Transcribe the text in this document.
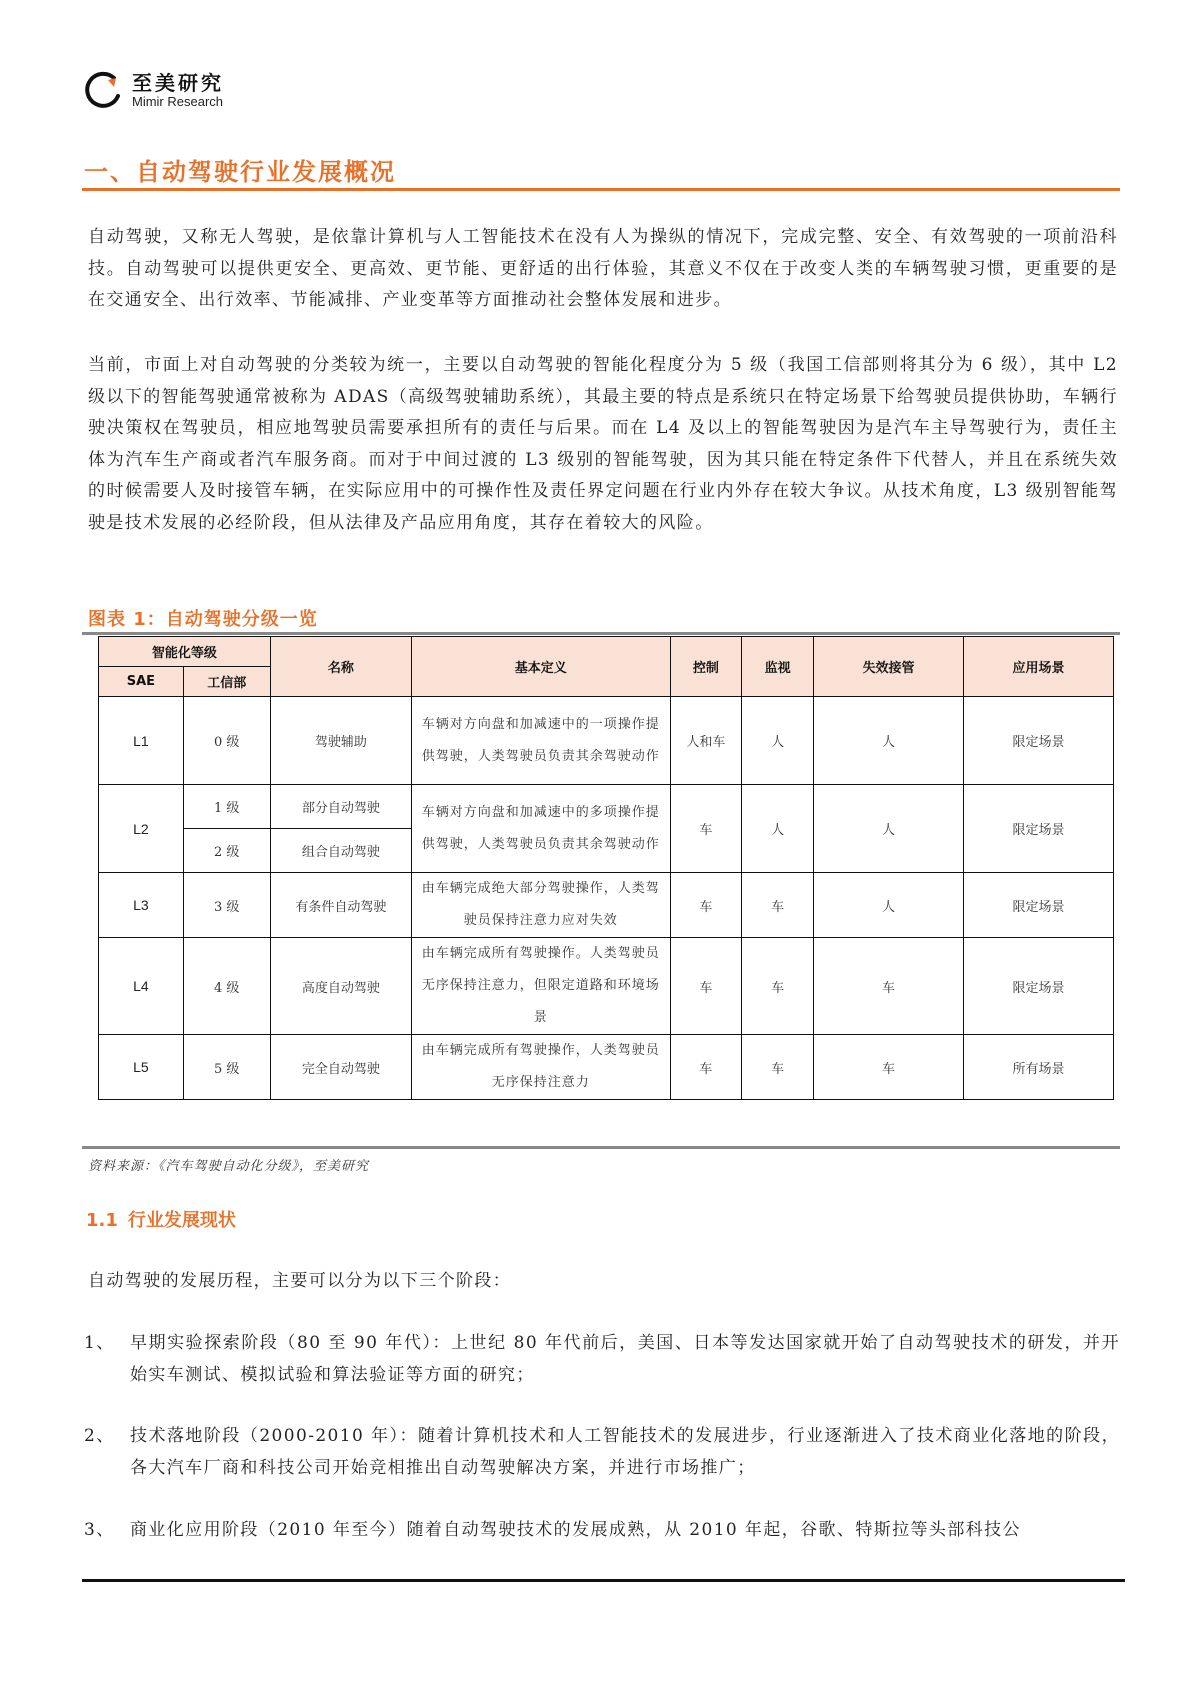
至美研究
Mimir Research
一、自动驾驶行业发展概况

自动驾驶，又称无人驾驶，是依靠计算机与人工智能技术在没有人为操纵的情况下，完成完整、安全、有效驾驶的一项前沿科技。自动驾驶可以提供更安全、更高效、更节能、更舒适的出行体验，其意义不仅在于改变人类的车辆驾驶习惯，更重要的是在交通安全、出行效率、节能减排、产业变革等方面推动社会整体发展和进步。

当前，市面上对自动驾驶的分类较为统一，主要以自动驾驶的智能化程度分为 5 级（我国工信部则将其分为 6 级），其中 L2 级以下的智能驾驶通常被称为 ADAS（高级驾驶辅助系统），其最主要的特点是系统只在特定场景下给驾驶员提供协助，车辆行驶决策权在驾驶员，相应地驾驶员需要承担所有的责任与后果。而在 L4 及以上的智能驾驶因为是汽车主导驾驶行为，责任主体为汽车生产商或者汽车服务商。而对于中间过渡的 L3 级别的智能驾驶，因为其只能在特定条件下代替人，并且在系统失效的时候需要人及时接管车辆，在实际应用中的可操作性及责任界定问题在行业内外存在较大争议。从技术角度，L3 级别智能驾驶是技术发展的必经阶段，但从法律及产品应用角度，其存在着较大的风险。

图表 1：自动驾驶分级一览
智能化等级		名称	基本定义	控制	监视	失效接管	应用场景
SAE	工信部						
L1	0 级	驾驶辅助	车辆对方向盘和加减速中的一项操作提供驾驶，人类驾驶员负责其余驾驶动作	人和车	人	人	限定场景
L2	1 级	部分自动驾驶	车辆对方向盘和加减速中的多项操作提供驾驶，人类驾驶员负责其余驾驶动作	车	人	人	限定场景
	2 级	组合自动驾驶					
L3	3 级	有条件自动驾驶	由车辆完成绝大部分驾驶操作，人类驾驶员保持注意力应对失效	车	车	人	限定场景
L4	4 级	高度自动驾驶	由车辆完成所有驾驶操作。人类驾驶员无序保持注意力，但限定道路和环境场景	车	车	车	限定场景
L5	5 级	完全自动驾驶	由车辆完成所有驾驶操作，人类驾驶员无序保持注意力	车	车	车	所有场景
资料来源：《汽车驾驶自动化分级》，至美研究
1.1 行业发展现状

自动驾驶的发展历程，主要可以分为以下三个阶段：

1、 早期实验探索阶段（80 至 90 年代）：上世纪 80 年代前后，美国、日本等发达国家就开始了自动驾驶技术的研发，并开始实车测试、模拟试验和算法验证等方面的研究；
2、 技术落地阶段（2000-2010 年）：随着计算机技术和人工智能技术的发展进步，行业逐渐进入了技术商业化落地的阶段，各大汽车厂商和科技公司开始竞相推出自动驾驶解决方案，并进行市场推广；
3、 商业化应用阶段（2010 年至今）随着自动驾驶技术的发展成熟，从 2010 年起，谷歌、特斯拉等头部科技公
